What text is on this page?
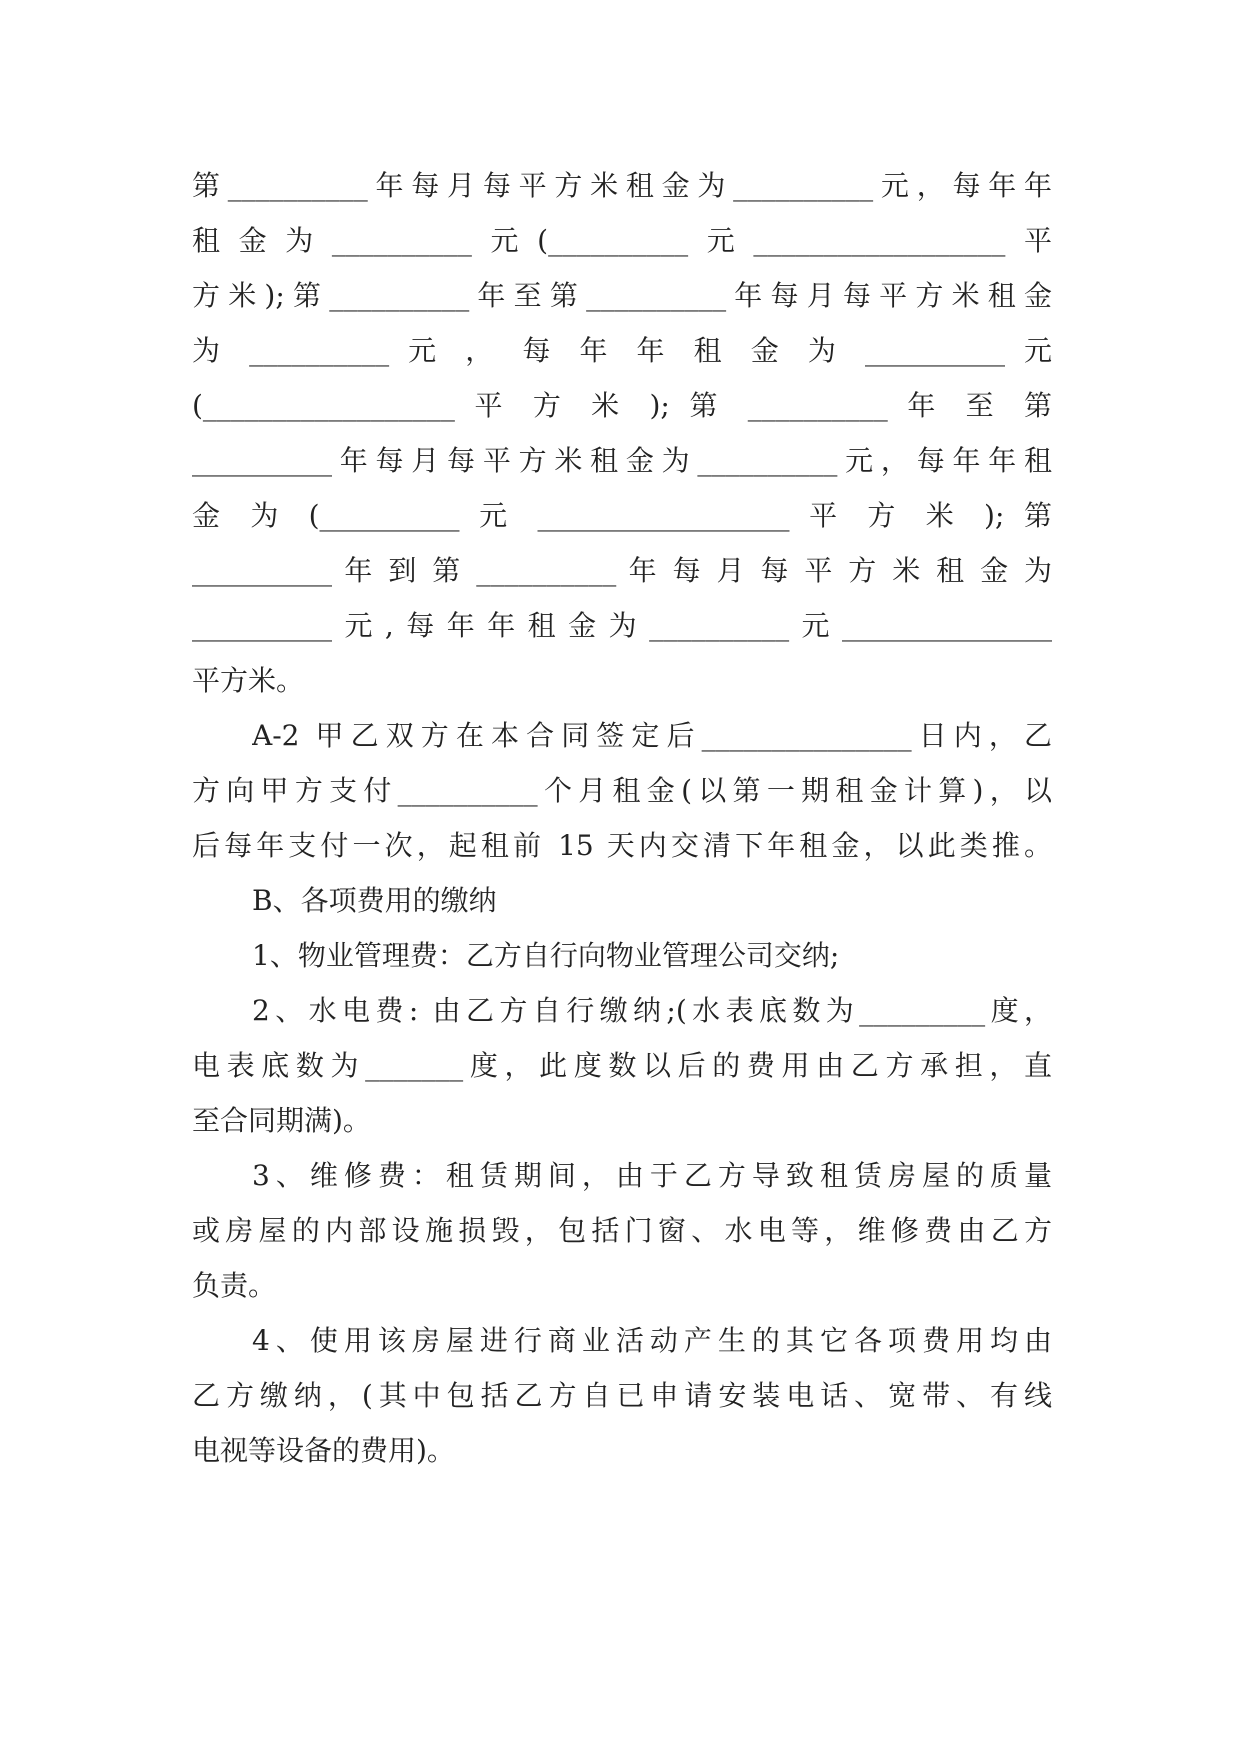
第__________年每月每平方米租金为__________元，每年年
租金为__________元(__________元__________________平
方米);第__________年至第__________年每月每平方米租金
为 __________ 元 ， 每 年 年 租 金 为 __________ 元
(__________________ 平 方 米 ); 第 __________ 年 至 第
__________年每月每平方米租金为__________元，每年年租
金 为 (__________ 元 __________________ 平 方 米 ); 第
__________ 年 到 第 __________ 年 每 月 每 平 方 米 租 金 为
__________元,每年年租金为__________元_______________
平方米。
A-2 甲乙双方在本合同签定后_______________日内，乙
方向甲方支付__________个月租金(以第一期租金计算)，以
后每年支付一次，起租前 15 天内交清下年租金，以此类推。
B、各项费用的缴纳
1、物业管理费：乙方自行向物业管理公司交纳;
2、水电费: 由乙方自行缴纳;(水表底数为_________度，
电表底数为_______度，此度数以后的费用由乙方承担，直
至合同期满)。
3、维修费：租赁期间，由于乙方导致租赁房屋的质量
或房屋的内部设施损毁，包括门窗、水电等，维修费由乙方
负责。
4、使用该房屋进行商业活动产生的其它各项费用均由
乙方缴纳，(其中包括乙方自已申请安装电话、宽带、有线
电视等设备的费用)。
